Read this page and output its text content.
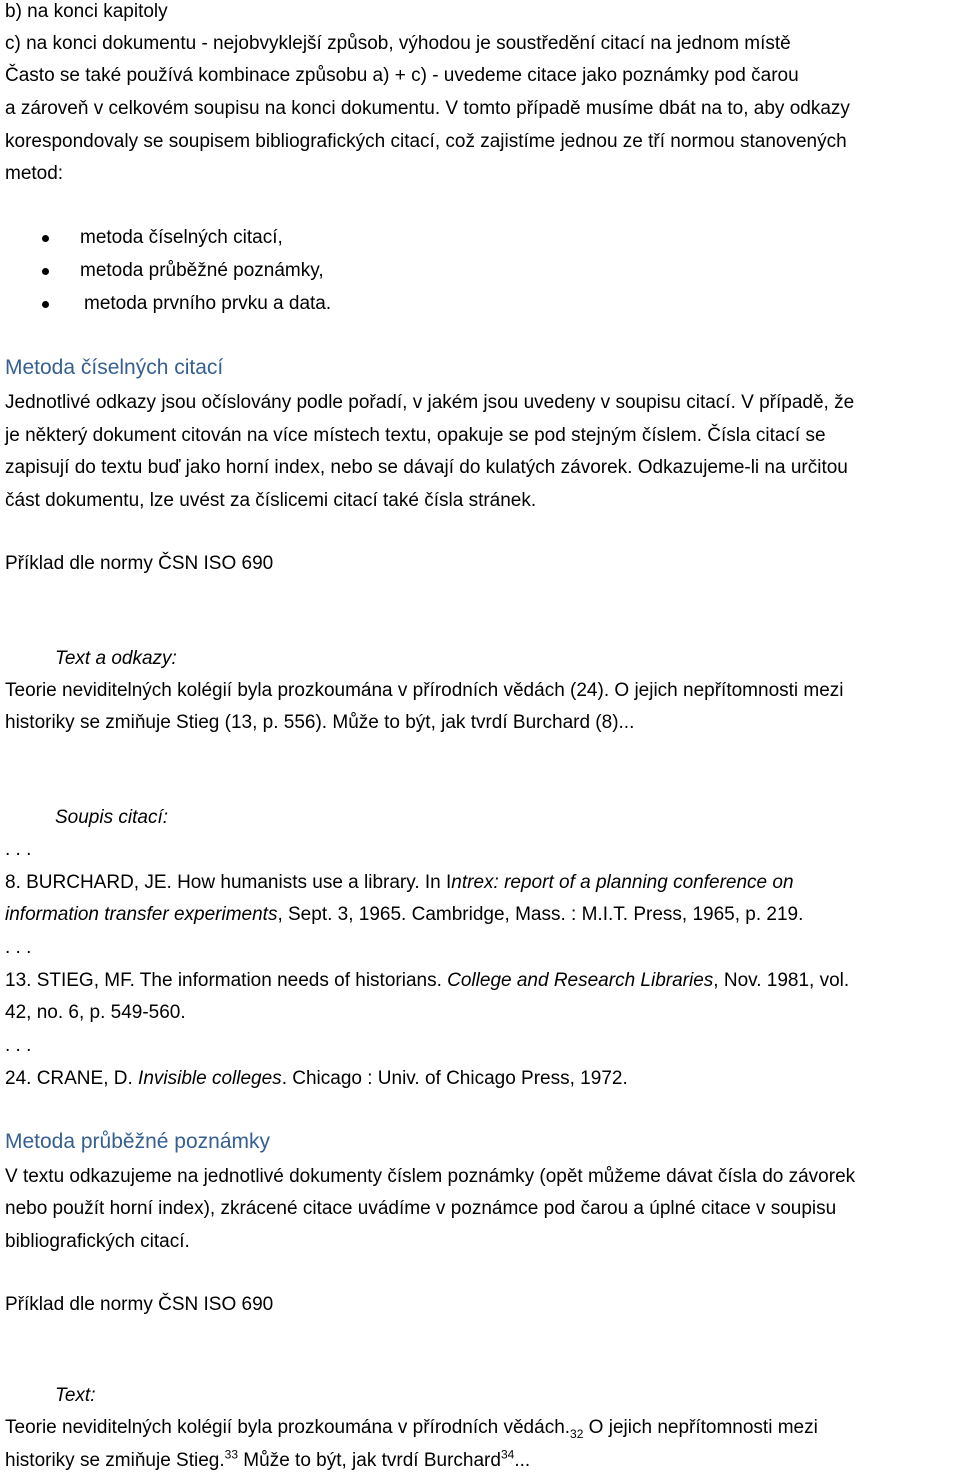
b) na konci kapitoly
c) na konci dokumentu - nejobvyklejší způsob, výhodou je soustředění citací na jednom místě
Často se také používá kombinace způsobu a) + c) - uvedeme citace jako poznámky pod čarou
a zároveň v celkovém soupisu na konci dokumentu. V tomto případě musíme dbát na to, aby odkazy
korespondovaly se soupisem bibliografických citací, což zajistíme jednou ze tří normou stanovených
metod:
metoda číselných citací,
metoda průběžné poznámky,
metoda prvního prvku a data.
Metoda číselných citací
Jednotlivé odkazy jsou očíslovány podle pořadí, v jakém jsou uvedeny v soupisu citací. V případě, že
je některý dokument citován na více místech textu, opakuje se pod stejným číslem. Čísla citací se
zapisují do textu buď jako horní index, nebo se dávají do kulatých závorek. Odkazujeme-li na určitou
část dokumentu, lze uvést za číslicemi citací také čísla stránek.
Příklad dle normy ČSN ISO 690
Text a odkazy:
Teorie neviditelných kolégií byla prozkoumána v přírodních vědách (24). O jejich nepřítomnosti mezi
historiky se zmiňuje Stieg (13, p. 556). Může to být, jak tvrdí Burchard (8)...
Soupis citací:
. . .
8. BURCHARD, JE. How humanists use a library. In Intrex: report of a planning conference on
information transfer experiments, Sept. 3, 1965. Cambridge, Mass. : M.I.T. Press, 1965, p. 219.
. . .
13. STIEG, MF. The information needs of historians. College and Research Libraries, Nov. 1981, vol.
42, no. 6, p. 549-560.
. . .
24. CRANE, D. Invisible colleges. Chicago : Univ. of Chicago Press, 1972.
Metoda průběžné poznámky
V textu odkazujeme na jednotlivé dokumenty číslem poznámky (opět můžeme dávat čísla do závorek
nebo použít horní index), zkrácené citace uvádíme v poznámce pod čarou a úplné citace v soupisu
bibliografických citací.
Příklad dle normy ČSN ISO 690
Text:
Teorie neviditelných kolégií byla prozkoumána v přírodních $vědách._{32}$ O jejich nepřítomnosti mezi
historiky se zmiňuje Stieg.$^{33}$ Může to být, jak tvrdí Burchard$^{34}$...
